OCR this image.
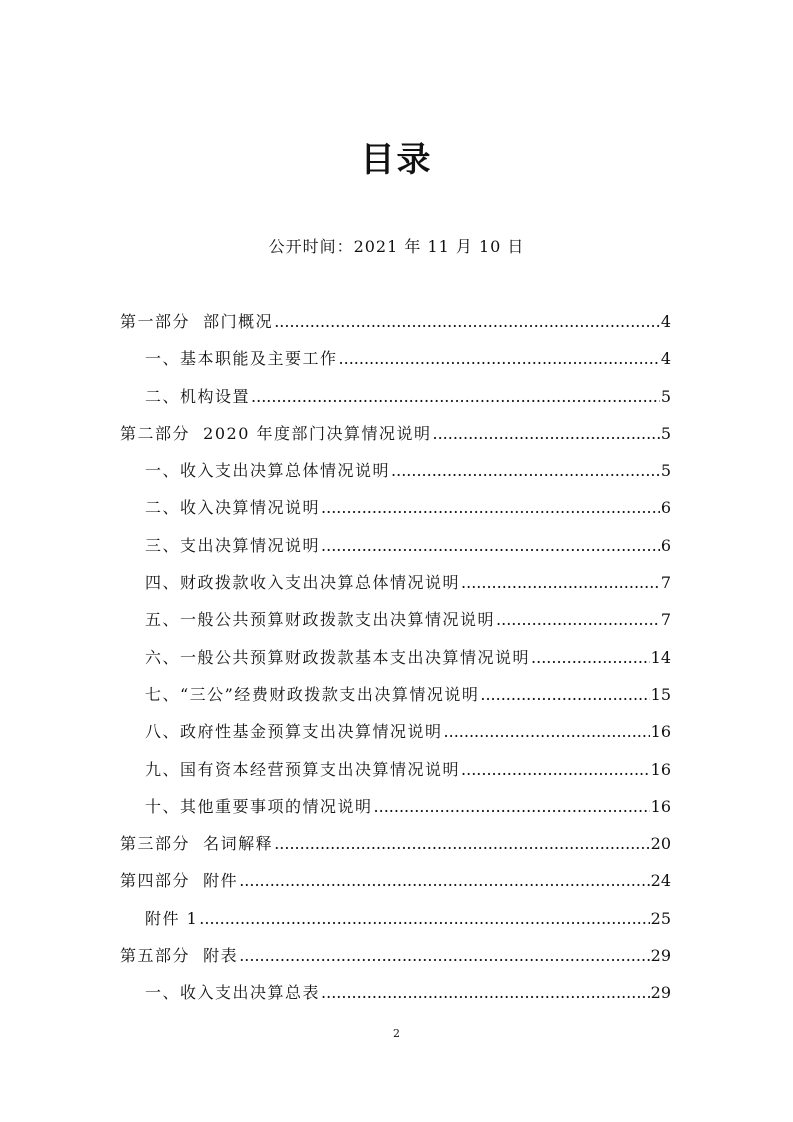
目录
公开时间：2021 年 11 月 10 日
第一部分  部门概况 .....	4
一、基本职能及主要工作 .....	4
二、机构设置 .....	5
第二部分  2020 年度部门决算情况说明 .....	5
一、收入支出决算总体情况说明 .....	5
二、收入决算情况说明 .....	6
三、支出决算情况说明 .....	6
四、财政拨款收入支出决算总体情况说明 .....	7
五、一般公共预算财政拨款支出决算情况说明 .....	7
六、一般公共预算财政拨款基本支出决算情况说明 .....	14
七、“三公”经费财政拨款支出决算情况说明 .....	15
八、政府性基金预算支出决算情况说明 .....	16
九、国有资本经营预算支出决算情况说明 .....	16
十、其他重要事项的情况说明 .....	16
第三部分  名词解释 .....	20
第四部分  附件 .....	24
附件 1 .....	25
第五部分  附表 .....	29
一、收入支出决算总表 .....	29
2
